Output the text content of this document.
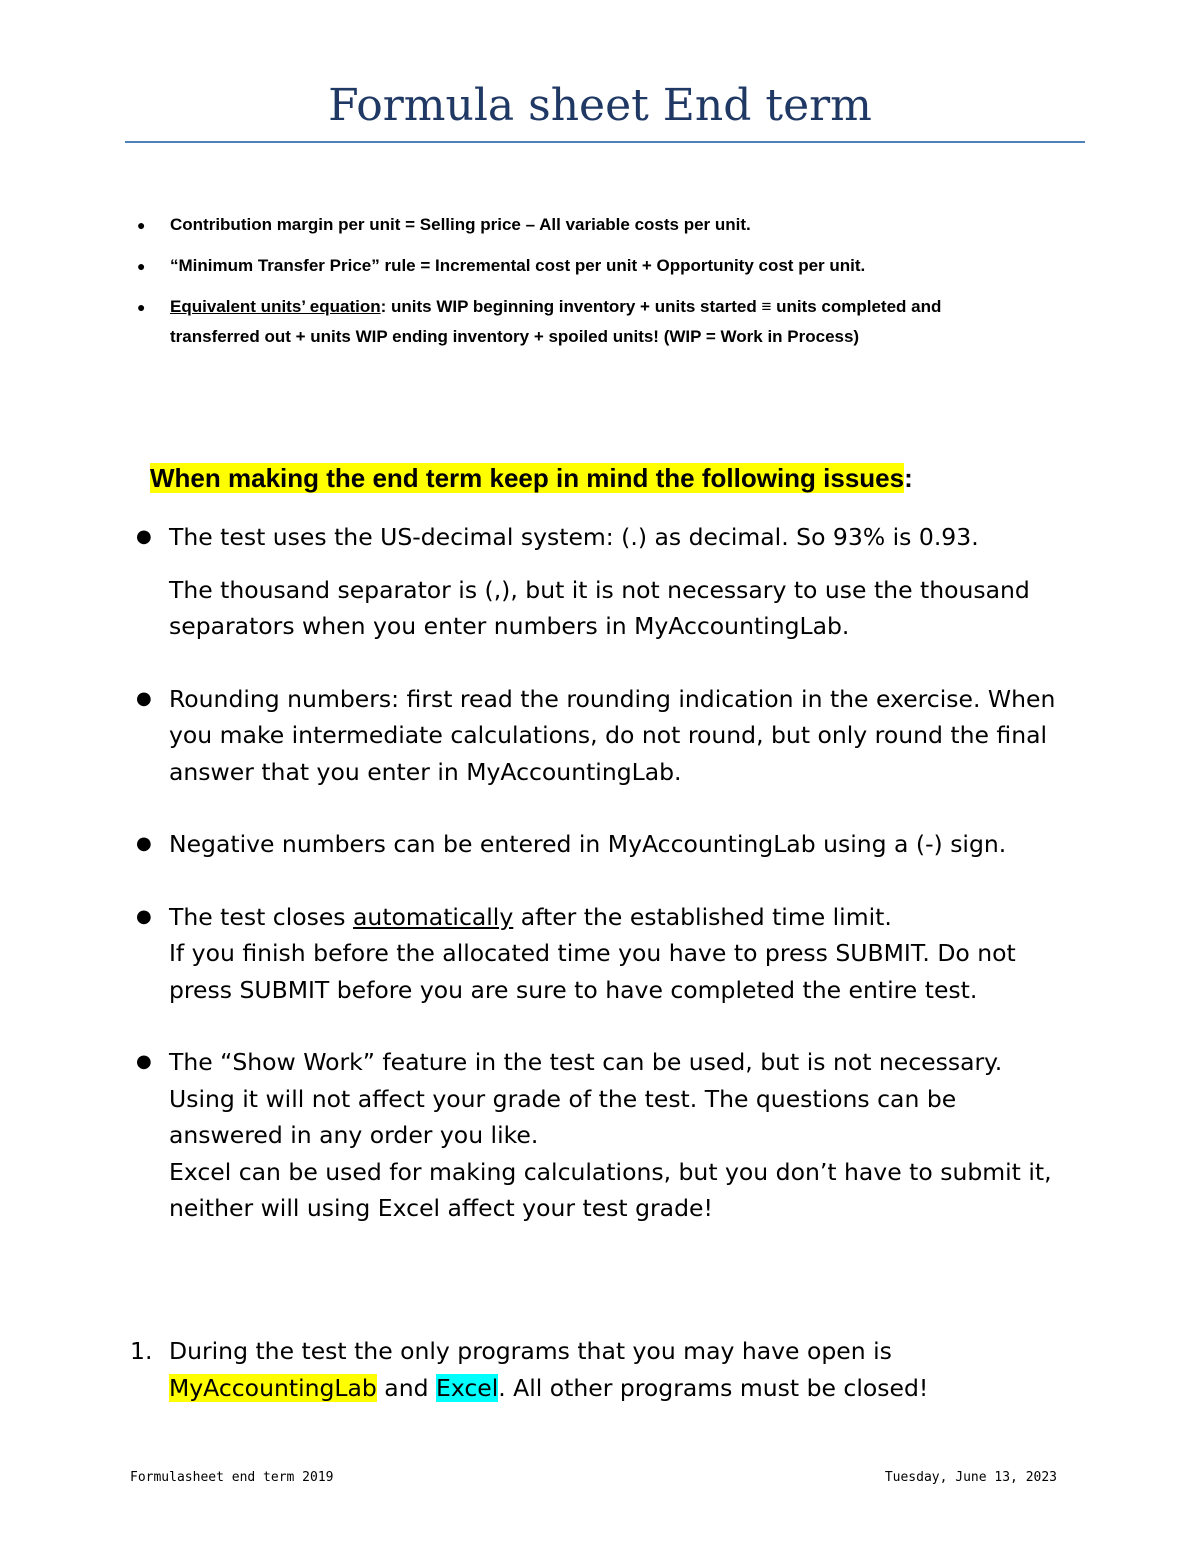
Formula sheet End term
● Contribution margin per unit = Selling price – All variable costs per unit.
● “Minimum Transfer Price” rule = Incremental cost per unit + Opportunity cost per unit.
● Equivalent units’ equation: units WIP beginning inventory + units started ≡ units completed and
transferred out + units WIP ending inventory + spoiled units! (WIP = Work in Process)
When making the end term keep in mind the following issues:
● The test uses the US-decimal system: (.) as decimal. So 93% is 0.93.
The thousand separator is (,), but it is not necessary to use the thousand
separators when you enter numbers in MyAccountingLab.
● Rounding numbers: first read the rounding indication in the exercise. When
you make intermediate calculations, do not round, but only round the final
answer that you enter in MyAccountingLab.
● Negative numbers can be entered in MyAccountingLab using a (-) sign.
● The test closes automatically after the established time limit.
If you finish before the allocated time you have to press SUBMIT. Do not
press SUBMIT before you are sure to have completed the entire test.
● The “Show Work” feature in the test can be used, but is not necessary.
Using it will not affect your grade of the test. The questions can be
answered in any order you like.
Excel can be used for making calculations, but you don’t have to submit it,
neither will using Excel affect your test grade!
1. During the test the only programs that you may have open is
MyAccountingLab and Excel. All other programs must be closed!
Formulasheet end term 2019	Tuesday, June 13, 2023
